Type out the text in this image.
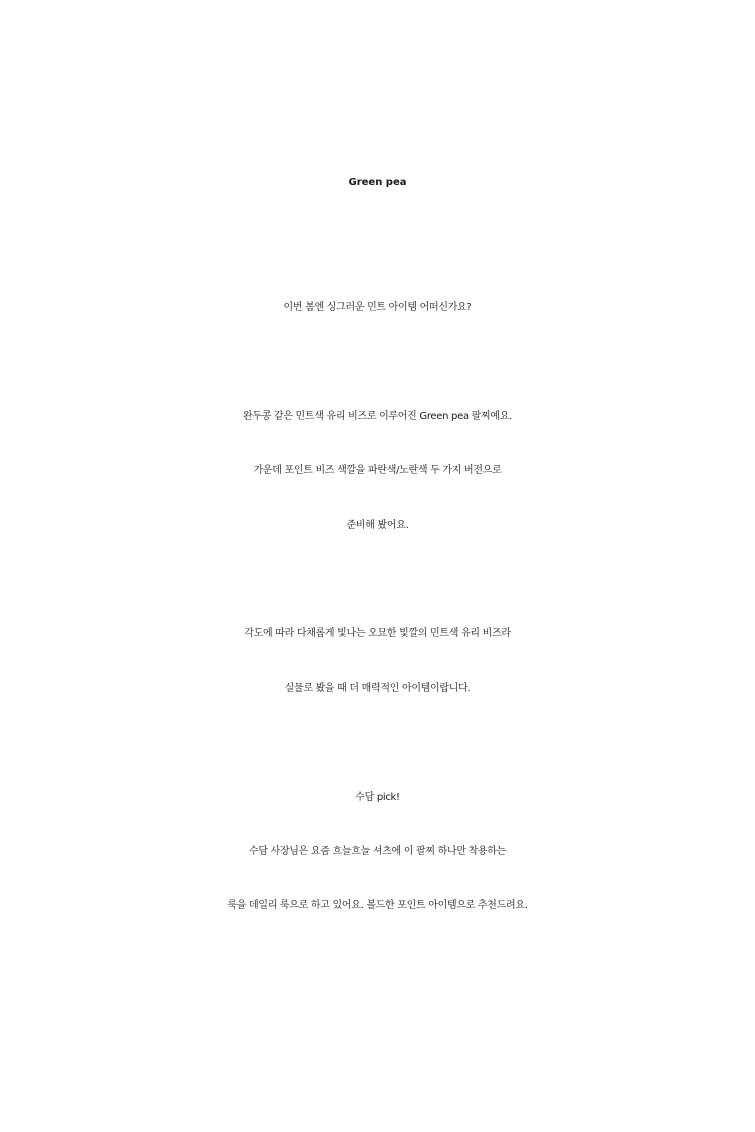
Green pea
이번 봄엔 싱그러운 민트 아이템 어떠신가요?
완두콩 같은 민트색 유리 비즈로 이루어진 Green pea 팔찌예요.
가운데 포인트 비즈 색깔을 파란색/노란색 두 가지 버전으로
준비해 봤어요.
각도에 따라 다채롭게 빛나는 오묘한 빛깔의 민트색 유리 비즈라
실물로 봤을 때 더 매력적인 아이템이랍니다.
수담 pick!
수담 사장님은 요즘 흐늘흐늘 셔츠에 이 팔찌 하나만 착용하는
룩을 데일리 룩으로 하고 있어요. 볼드한 포인트 아이템으로 추천드려요.
